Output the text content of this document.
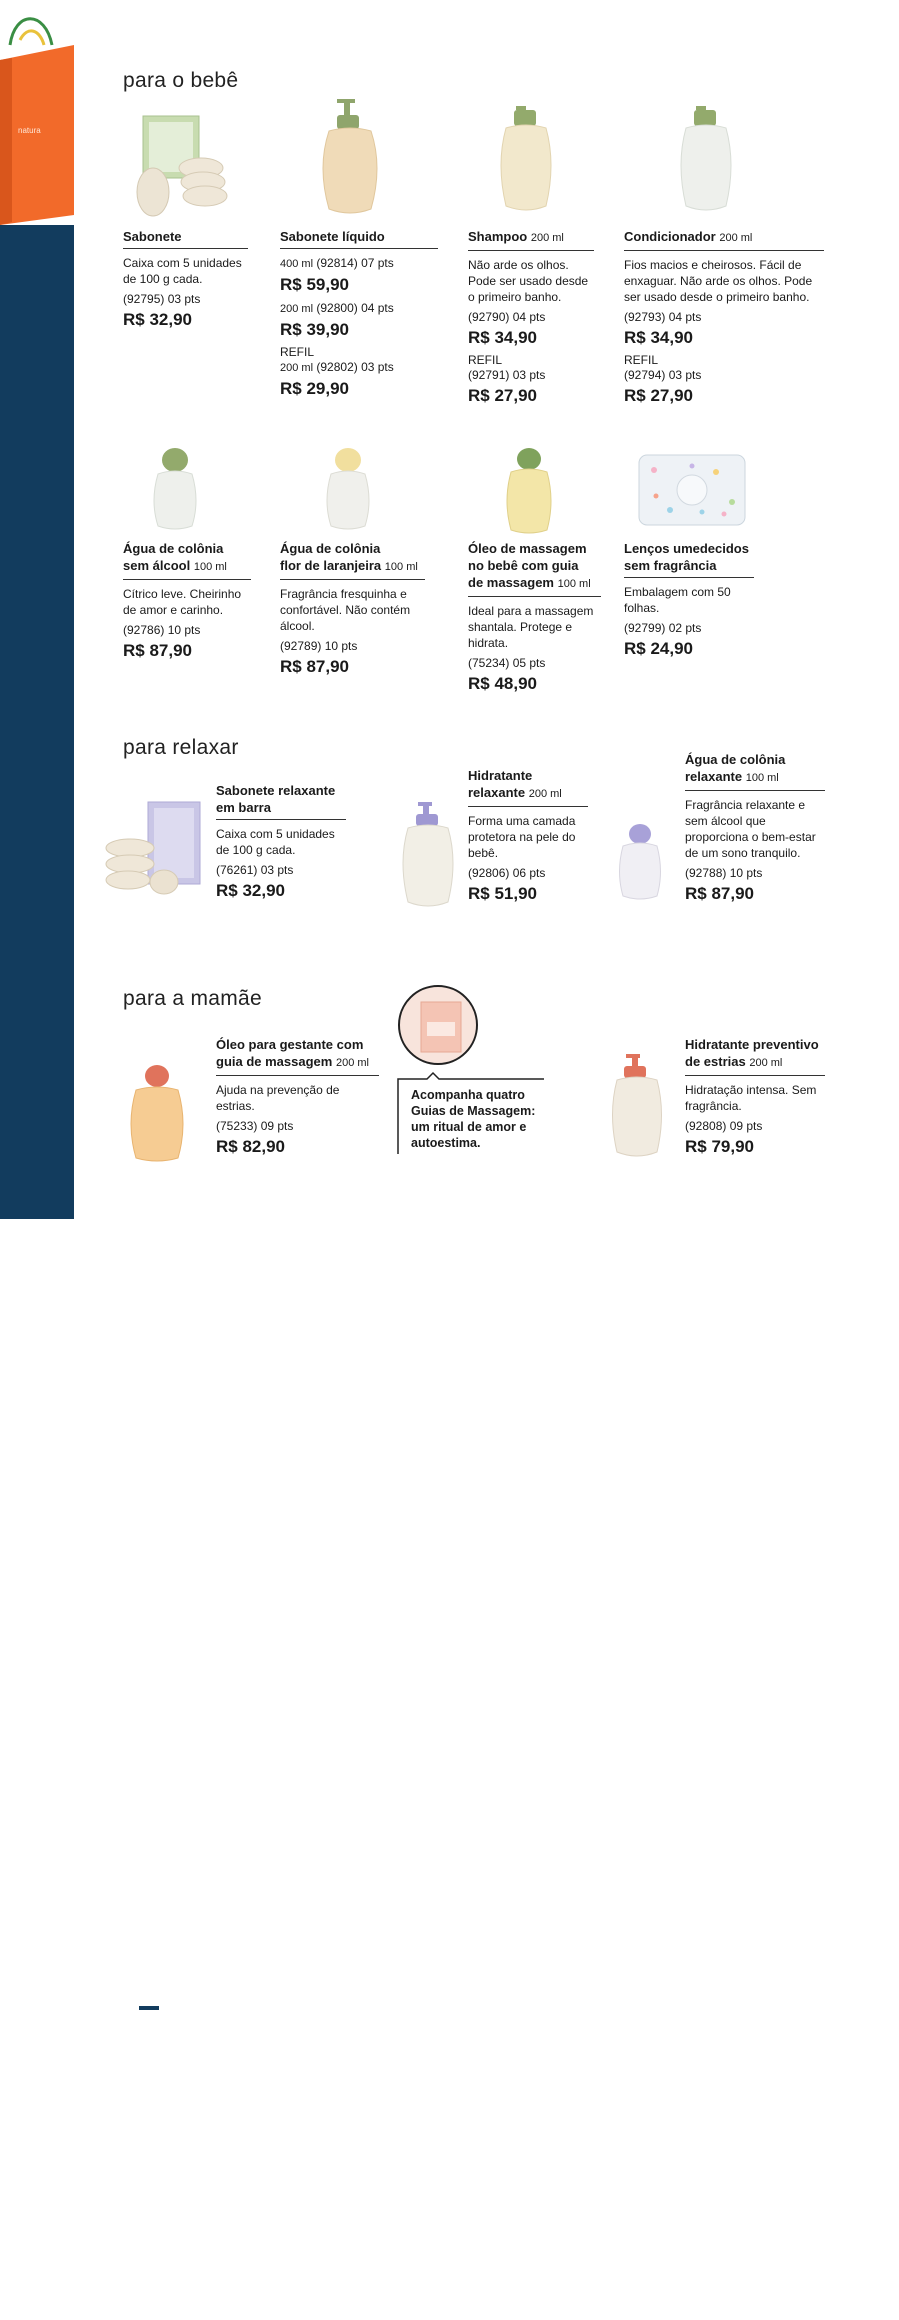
É pra presente
Qualquer produto
+ R$ 2,50 =
Sacola de
presente PP
ideal para
presentear
(113707)
natura
para o bebê
para relaxar
para a mamãe
Sabonete
Caixa com 5 unidades de 100 g cada.
(92795) 03 pts
R$ 32,90
Sabonete líquido
400 ml (92814) 07 pts
R$ 59,90
200 ml (92800) 04 pts
R$ 39,90
REFIL
200 ml (92802) 03 pts
R$ 29,90
Shampoo 200 ml
Não arde os olhos. Pode ser usado desde o primeiro banho.
(92790) 04 pts
R$ 34,90
REFIL
(92791) 03 pts
R$ 27,90
Condicionador 200 ml
Fios macios e cheirosos. Fácil de enxaguar. Não arde os olhos. Pode ser usado desde o primeiro banho.
(92793) 04 pts
R$ 34,90
REFIL
(92794) 03 pts
R$ 27,90
Água de colônia
sem álcool 100 ml
Cítrico leve. Cheirinho de amor e carinho.
(92786) 10 pts
R$ 87,90
Água de colônia
flor de laranjeira 100 ml
Fragrância fresquinha e confortável. Não contém álcool.
(92789) 10 pts
R$ 87,90
Óleo de massagem
no bebê com guia
de massagem 100 ml
Ideal para a massagem shantala. Protege e hidrata.
(75234) 05 pts
R$ 48,90
Lenços umedecidos
sem fragrância
Embalagem com 50 folhas.
(92799) 02 pts
R$ 24,90
Sabonete relaxante
em barra
Caixa com 5 unidades de 100 g cada.
(76261) 03 pts
R$ 32,90
Hidratante
relaxante 200 ml
Forma uma camada protetora na pele do bebê.
(92806) 06 pts
R$ 51,90
Água de colônia
relaxante 100 ml
Fragrância relaxante e sem álcool que proporciona o bem-estar de um sono tranquilo.
(92788) 10 pts
R$ 87,90
Óleo para gestante com
guia de massagem 200 ml
Ajuda na prevenção de estrias.
(75233) 09 pts
R$ 82,90
Acompanha quatro Guias de Massagem: um ritual de amor e autoestima.
Hidratante preventivo
de estrias 200 ml
Hidratação intensa. Sem fragrância.
(92808) 09 pts
R$ 79,90
